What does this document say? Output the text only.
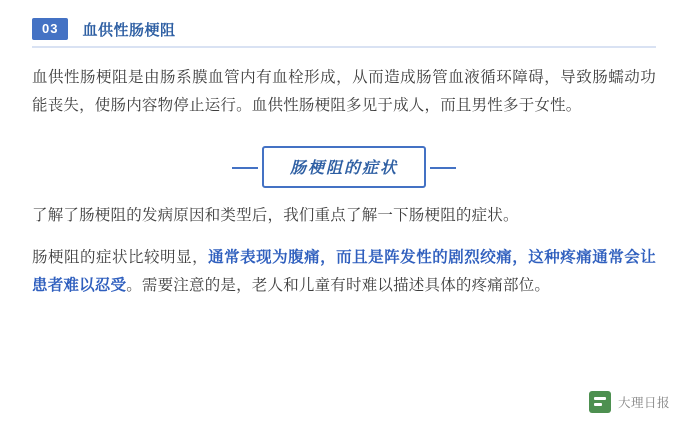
03	血供性肠梗阻

血供性肠梗阻是由肠系膜血管内有血栓形成，从而造成肠管血液循环障碍，导致肠蠕动功能丧失，使肠内容物停止运行。血供性肠梗阻多见于成人，而且男性多于女性。

肠梗阻的症状

了解了肠梗阻的发病原因和类型后，我们重点了解一下肠梗阻的症状。

肠梗阻的症状比较明显，通常表现为腹痛，而且是阵发性的剧烈绞痛，这种疼痛通常会让患者难以忍受。需要注意的是，老人和儿童有时难以描述具体的疼痛部位。

大理日报
